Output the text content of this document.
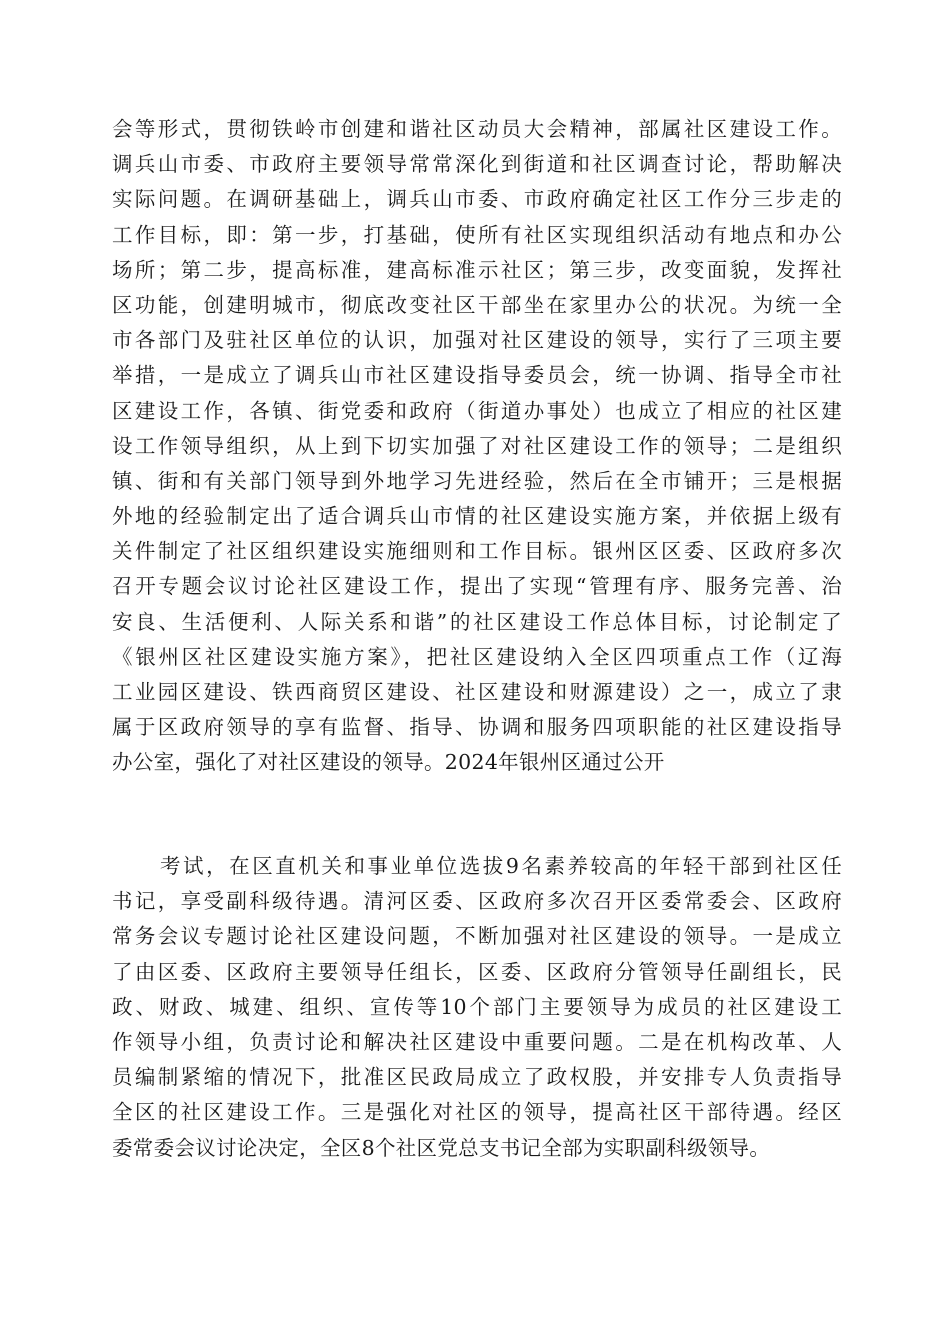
会等形式，贯彻铁岭市创建和谐社区动员大会精神，部属社区建设工作。
调兵山市委、市政府主要领导常常深化到街道和社区调查讨论，帮助解决
实际问题。在调研基础上，调兵山市委、市政府确定社区工作分三步走的
工作目标，即：第一步，打基础，使所有社区实现组织活动有地点和办公
场所；第二步，提高标准，建高标准示社区；第三步，改变面貌，发挥社
区功能，创建明城市，彻底改变社区干部坐在家里办公的状况。为统一全
市各部门及驻社区单位的认识，加强对社区建设的领导，实行了三项主要
举措，一是成立了调兵山市社区建设指导委员会，统一协调、指导全市社
区建设工作，各镇、街党委和政府（街道办事处）也成立了相应的社区建
设工作领导组织，从上到下切实加强了对社区建设工作的领导；二是组织
镇、街和有关部门领导到外地学习先进经验，然后在全市铺开；三是根据
外地的经验制定出了适合调兵山市情的社区建设实施方案，并依据上级有
关件制定了社区组织建设实施细则和工作目标。银州区区委、区政府多次
召开专题会议讨论社区建设工作，提出了实现“管理有序、服务完善、治
安良、生活便利、人际关系和谐”的社区建设工作总体目标，讨论制定了
《银州区社区建设实施方案》，把社区建设纳入全区四项重点工作（辽海
工业园区建设、铁西商贸区建设、社区建设和财源建设）之一，成立了隶
属于区政府领导的享有监督、指导、协调和服务四项职能的社区建设指导
办公室，强化了对社区建设的领导。2024年银州区通过公开
考试，在区直机关和事业单位选拔9名素养较高的年轻干部到社区任
书记，享受副科级待遇。清河区委、区政府多次召开区委常委会、区政府
常务会议专题讨论社区建设问题，不断加强对社区建设的领导。一是成立
了由区委、区政府主要领导任组长，区委、区政府分管领导任副组长，民
政、财政、城建、组织、宣传等10个部门主要领导为成员的社区建设工
作领导小组，负责讨论和解决社区建设中重要问题。二是在机构改革、人
员编制紧缩的情况下，批准区民政局成立了政权股，并安排专人负责指导
全区的社区建设工作。三是强化对社区的领导，提高社区干部待遇。经区
委常委会议讨论决定，全区8个社区党总支书记全部为实职副科级领导。
